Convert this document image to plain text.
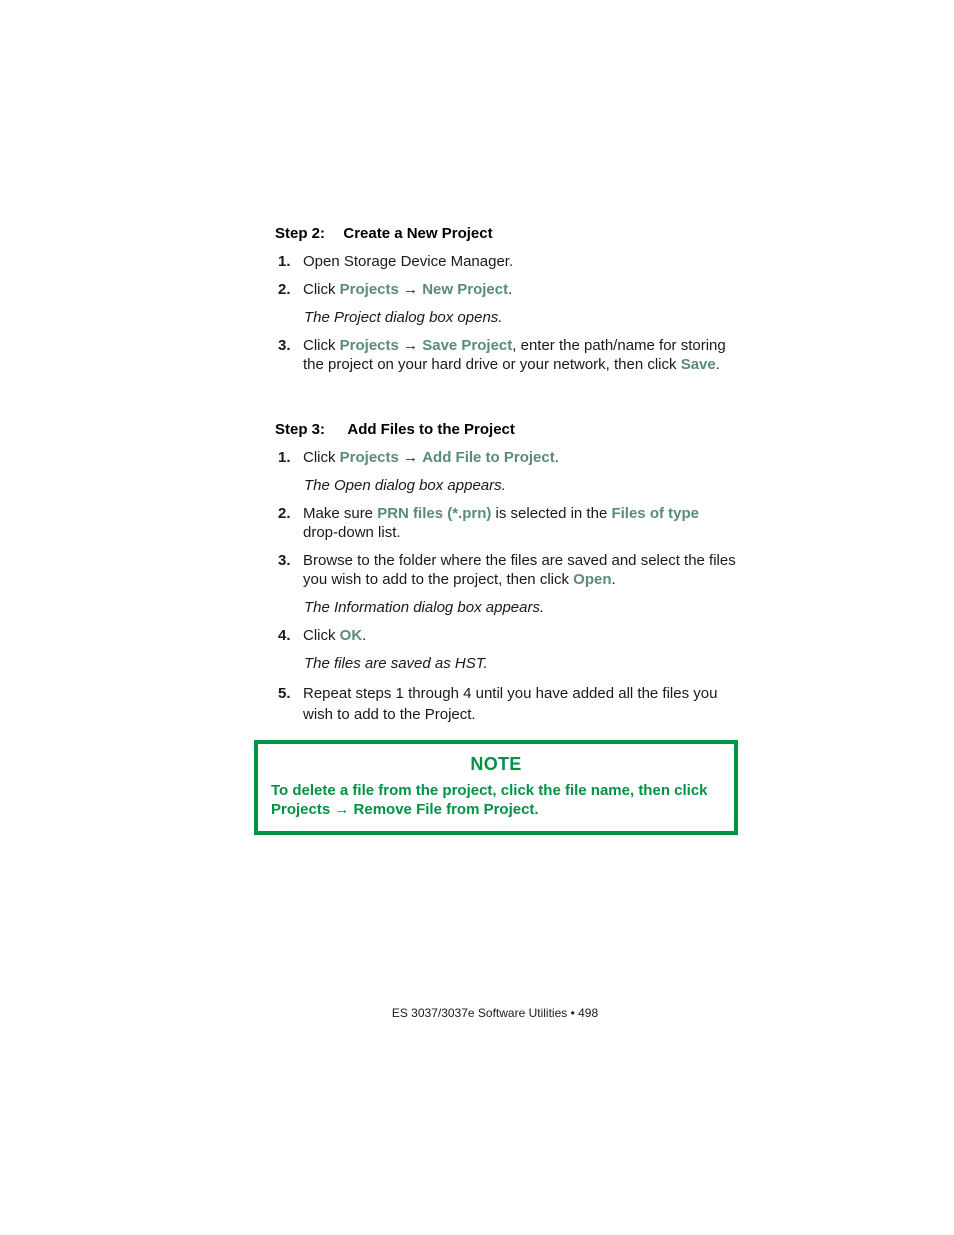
Step 2: Create a New Project
1. Open Storage Device Manager.
2. Click Projects → New Project.
The Project dialog box opens.
3. Click Projects → Save Project, enter the path/name for storing the project on your hard drive or your network, then click Save.
Step 3: Add Files to the Project
1. Click Projects → Add File to Project.
The Open dialog box appears.
2. Make sure PRN files (*.prn) is selected in the Files of type drop-down list.
3. Browse to the folder where the files are saved and select the files you wish to add to the project, then click Open.
The Information dialog box appears.
4. Click OK.
The files are saved as HST.
5. Repeat steps 1 through 4 until you have added all the files you wish to add to the Project.
NOTE
To delete a file from the project, click the file name, then click Projects → Remove File from Project.
ES 3037/3037e Software Utilities • 498
